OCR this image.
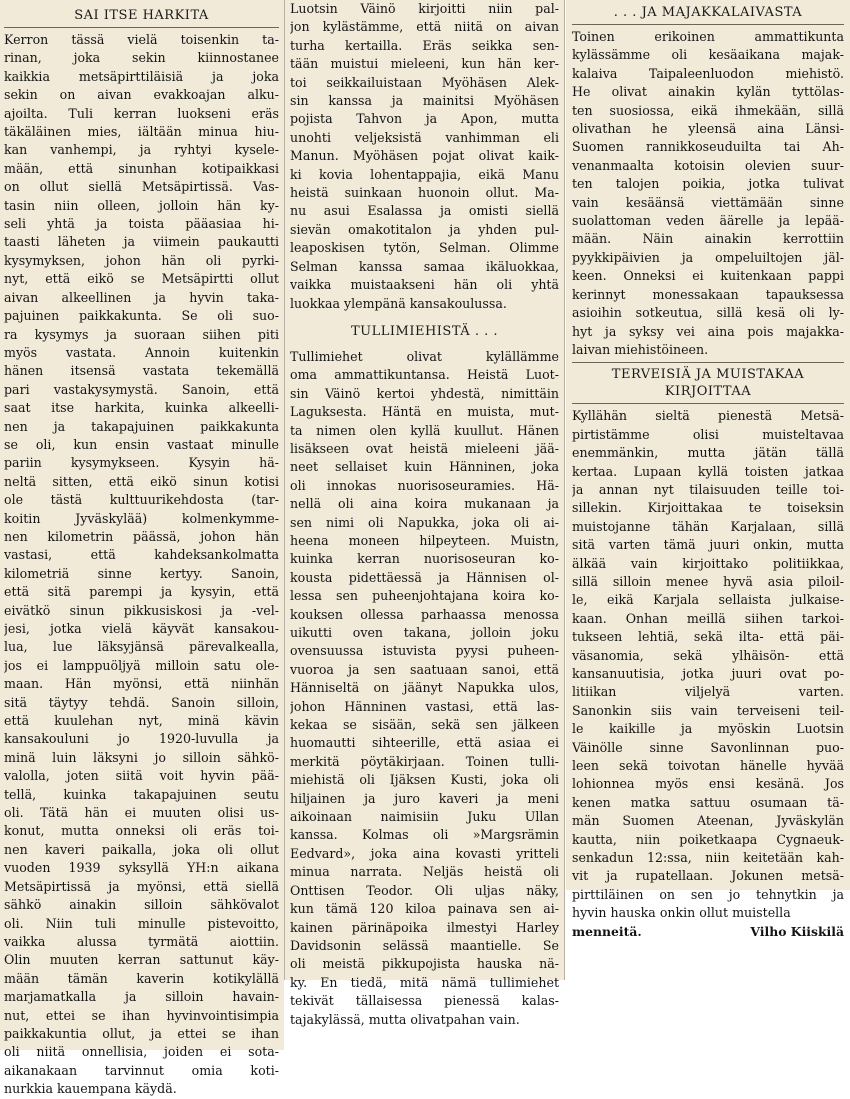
SAI ITSE HARKITA
Kerron tässä vielä toisenkin ta-
rinan, joka sekin kiinnostanee
kaikkia metsäpirttiläisiä ja joka
sekin on aivan evakkoajan alku-
ajoilta. Tuli kerran luokseni eräs
täkäläinen mies, iältään minua hiu-
kan vanhempi, ja ryhtyi kysele-
mään, että sinunhan kotipaikkasi
on ollut siellä Metsäpirtissä. Vas-
tasin niin olleen, jolloin hän ky-
seli yhtä ja toista pääasiaa hi-
taasti läheten ja viimein paukautti
kysymyksen, johon hän oli pyrki-
nyt, että eikö se Metsäpirtti ollut
aivan alkeellinen ja hyvin taka-
pajuinen paikkakunta. Se oli suo-
ra kysymys ja suoraan siihen piti
myös vastata. Annoin kuitenkin
hänen itsensä vastata tekemällä
pari vastakysymystä. Sanoin, että
saat itse harkita, kuinka alkeelli-
nen ja takapajuinen paikkakunta
se oli, kun ensin vastaat minulle
pariin kysymykseen. Kysyin hä-
neltä sitten, että eikö sinun kotisi
ole tästä kulttuurikehdosta (tar-
koitin Jyväskylää) kolmenkymme-
nen kilometrin päässä, johon hän
vastasi, että kahdeksankolmatta
kilometriä sinne kertyy. Sanoin,
että sitä parempi ja kysyin, että
eivätkö sinun pikkusiskosi ja -vel-
jesi, jotka vielä käyvät kansakou-
lua, lue läksyjänsä pärevalkealla,
jos ei lamppuöljyä milloin satu ole-
maan. Hän myönsi, että niinhän
sitä täytyy tehdä. Sanoin silloin,
että kuulehan nyt, minä kävin
kansakouluni jo 1920-luvulla ja
minä luin läksyni jo silloin sähkö-
valolla, joten siitä voit hyvin pää-
tellä, kuinka takapajuinen seutu
oli. Tätä hän ei muuten olisi us-
konut, mutta onneksi oli eräs toi-
nen kaveri paikalla, joka oli ollut
vuoden 1939 syksyllä YH:n aikana
Metsäpirtissä ja myönsi, että siellä
sähkö ainakin silloin sähkövalot
oli. Niin tuli minulle pistevoitto,
vaikka alussa tyrmätä aiottiin.
Olin muuten kerran sattunut käy-
mään tämän kaverin kotikylällä
marjamatkalla ja silloin havain-
nut, ettei se ihan hyvinvointisimpia
paikkakuntia ollut, ja ettei se ihan
oli niitä onnellisia, joiden ei sota-
aikanakaan tarvinnut omia koti-
nurkkia kauempana käydä.
Luotsin Väinö kirjoitti niin pal-
jon kylästämme, että niitä on aivan
turha kertailla. Eräs seikka sen-
tään muistui mieleeni, kun hän ker-
toi seikkailuistaan Myöhäsen Alek-
sin kanssa ja mainitsi Myöhäsen
pojista Tahvon ja Apon, mutta
unohti veljeksistä vanhimman eli
Manun. Myöhäsen pojat olivat kaik-
ki kovia lohentappajia, eikä Manu
heistä suinkaan huonoin ollut. Ma-
nu asui Esalassa ja omisti siellä
sievän omakotitalon ja yhden pul-
leaposkisen tytön, Selman. Olimme
Selman kanssa samaa ikäluokkaa,
vaikka muistaakseni hän oli yhtä
luokkaa ylempänä kansakoulussa.
TULLIMIEHISTÄ . . .
Tullimiehet olivat kylällämme
oma ammattikuntansa. Heistä Luot-
sin Väinö kertoi yhdestä, nimittäin
Laguksesta. Häntä en muista, mut-
ta nimen olen kyllä kuullut. Hänen
lisäkseen ovat heistä mieleeni jää-
neet sellaiset kuin Hänninen, joka
oli innokas nuorisoseuramies. Hä-
nellä oli aina koira mukanaan ja
sen nimi oli Napukka, joka oli ai-
heena moneen hilpeyteen. Muistn,
kuinka kerran nuorisoseuran ko-
kousta pidettäessä ja Hännisen ol-
lessa sen puheenjohtajana koira ko-
kouksen ollessa parhaassa menossa
uikutti oven takana, jolloin joku
ovensuussa istuvista pyysi puheen-
vuoroa ja sen saatuaan sanoi, että
Hänniseltä on jäänyt Napukka ulos,
johon Hänninen vastasi, että las-
kekaa se sisään, sekä sen jälkeen
huomautti sihteerille, että asiaa ei
merkitä pöytäkirjaan. Toinen tulli-
miehistä oli Ijäksen Kusti, joka oli
hiljainen ja juro kaveri ja meni
aikoinaan naimisiin Juku Ullan
kanssa. Kolmas oli »Margsrämin
Eedvard», joka aina kovasti yritteli
minua narrata. Neljäs heistä oli
Onttisen Teodor. Oli uljas näky,
kun tämä 120 kiloa painava sen ai-
kainen pärinäpoika ilmestyi Harley
Davidsonin selässä maantielle. Se
oli meistä pikkupojista hauska nä-
ky. En tiedä, mitä nämä tullimiehet
tekivät tällaisessa pienessä kalas-
tajakylässä, mutta olivatpahan vain.
. . . JA MAJAKKALAIVASTA
Toinen erikoinen ammattikunta
kylässämme oli kesäaikana majak-
kalaiva Taipaleenluodon miehistö.
He olivat ainakin kylän tyttölas-
ten suosiossa, eikä ihmekään, sillä
olivathan he yleensä aina Länsi-
Suomen rannikkoseuduilta tai Ah-
venanmaalta kotoisin olevien suur-
ten talojen poikia, jotka tulivat
vain kesäänsä viettämään sinne
suolattoman veden äärelle ja lepää-
mään. Näin ainakin kerrottiin
pyykkipäivien ja ompeluiltojen jäl-
keen. Onneksi ei kuitenkaan pappi
kerinnyt monessakaan tapauksessa
asioihin sotkeutua, sillä kesä oli ly-
hyt ja syksy vei aina pois majakka-
laivan miehistöineen.
TERVEISIÄ JA MUISTAKAA KIRJOITTAA
Kyllähän sieltä pienestä Metsä-
pirtistämme olisi muisteltavaa
enemmänkin, mutta jätän tällä
kertaa. Lupaan kyllä toisten jatkaa
ja annan nyt tilaisuuden teille toi-
sillekin. Kirjoittakaa te toiseksin
muistojanne tähän Karjalaan, sillä
sitä varten tämä juuri onkin, mutta
älkää vain kirjoittako politiikkaa,
sillä silloin menee hyvä asia piloil-
le, eikä Karjala sellaista julkaise-
kaan. Onhan meillä siihen tarkoi-
tukseen lehtiä, sekä ilta- että päi-
väsanomia, sekä ylhäisön- että
kansanuutisia, jotka juuri ovat po-
litiikan viljelyä varten.
Sanonkin siis vain terveiseni teil-
le kaikille ja myöskin Luotsin
Väinölle sinne Savonlinnan puo-
leen sekä toivotan hänelle hyvää
lohionnea myös ensi kesänä. Jos
kenen matka sattuu osumaan tä-
män Suomen Ateenan, Jyväskylän
kautta, niin poiketkaapa Cygnaeuk-
senkadun 12:ssa, niin keitetään kah-
vit ja rupatellaan. Jokunen metsä-
pirttiläinen on sen jo tehnytkin ja
hyvin hauska onkin ollut muistella
menneitä.	Vilho Kiiskilä
